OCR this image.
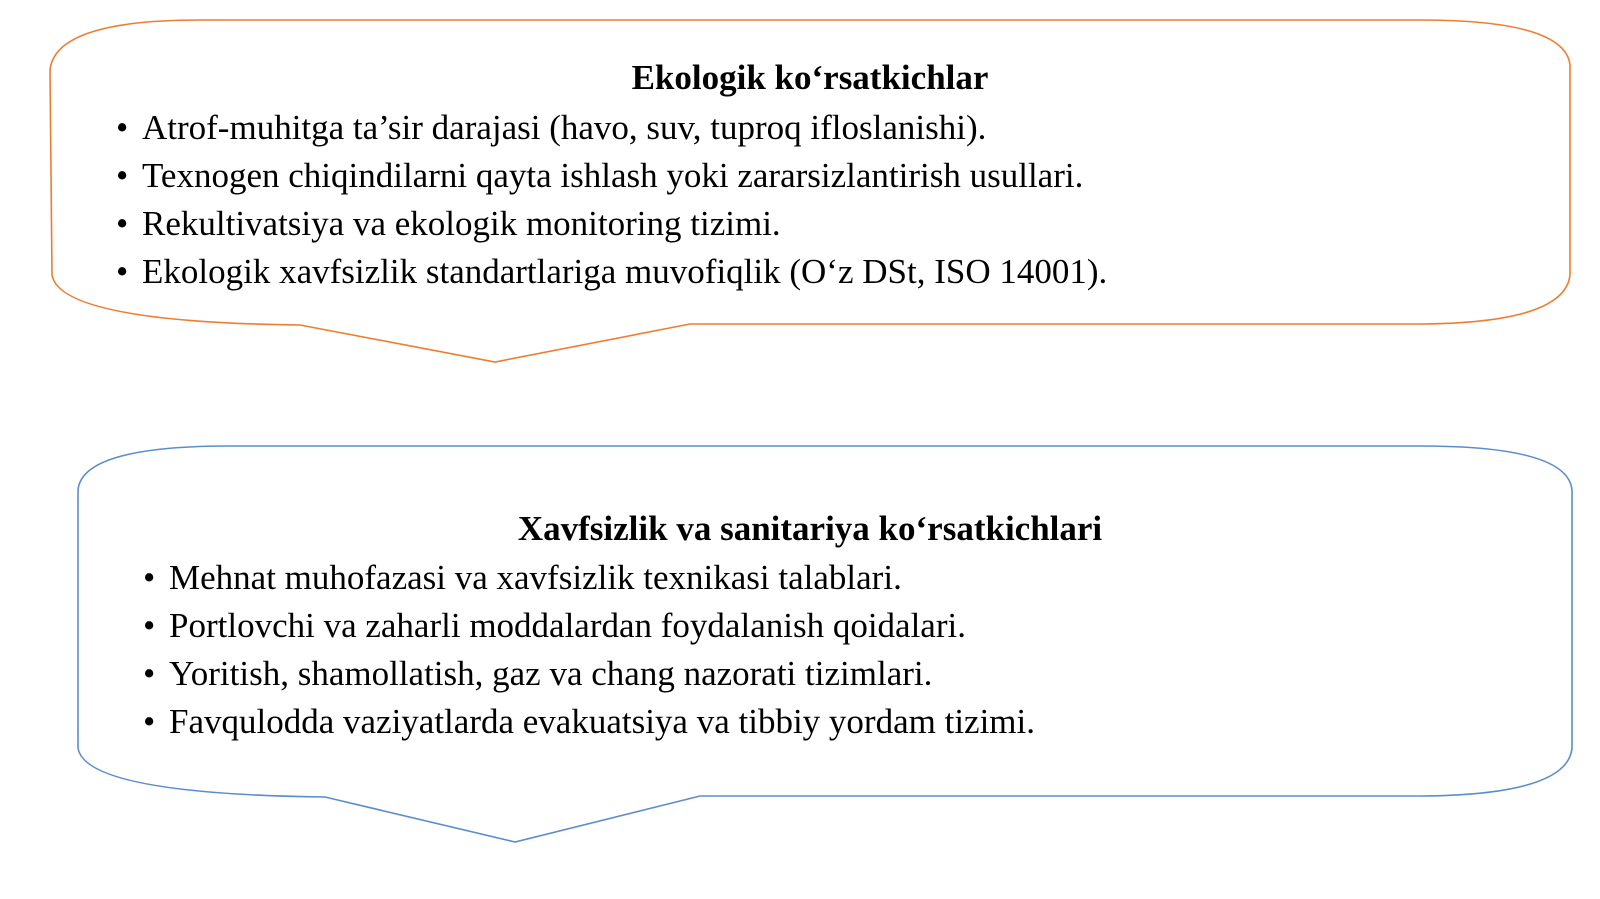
Ekologik ko‘rsatkichlar
• Atrof-muhitga ta’sir darajasi (havo, suv, tuproq ifloslanishi).
• Texnogen chiqindilarni qayta ishlash yoki zararsizlantirish usullari.
• Rekultivatsiya va ekologik monitoring tizimi.
• Ekologik xavfsizlik standartlariga muvofiqlik (O‘z DSt, ISO 14001).
Xavfsizlik va sanitariya ko‘rsatkichlari
• Mehnat muhofazasi va xavfsizlik texnikasi talablari.
• Portlovchi va zaharli moddalardan foydalanish qoidalari.
• Yoritish, shamollatish, gaz va chang nazorati tizimlari.
• Favqulodda vaziyatlarda evakuatsiya va tibbiy yordam tizimi.
